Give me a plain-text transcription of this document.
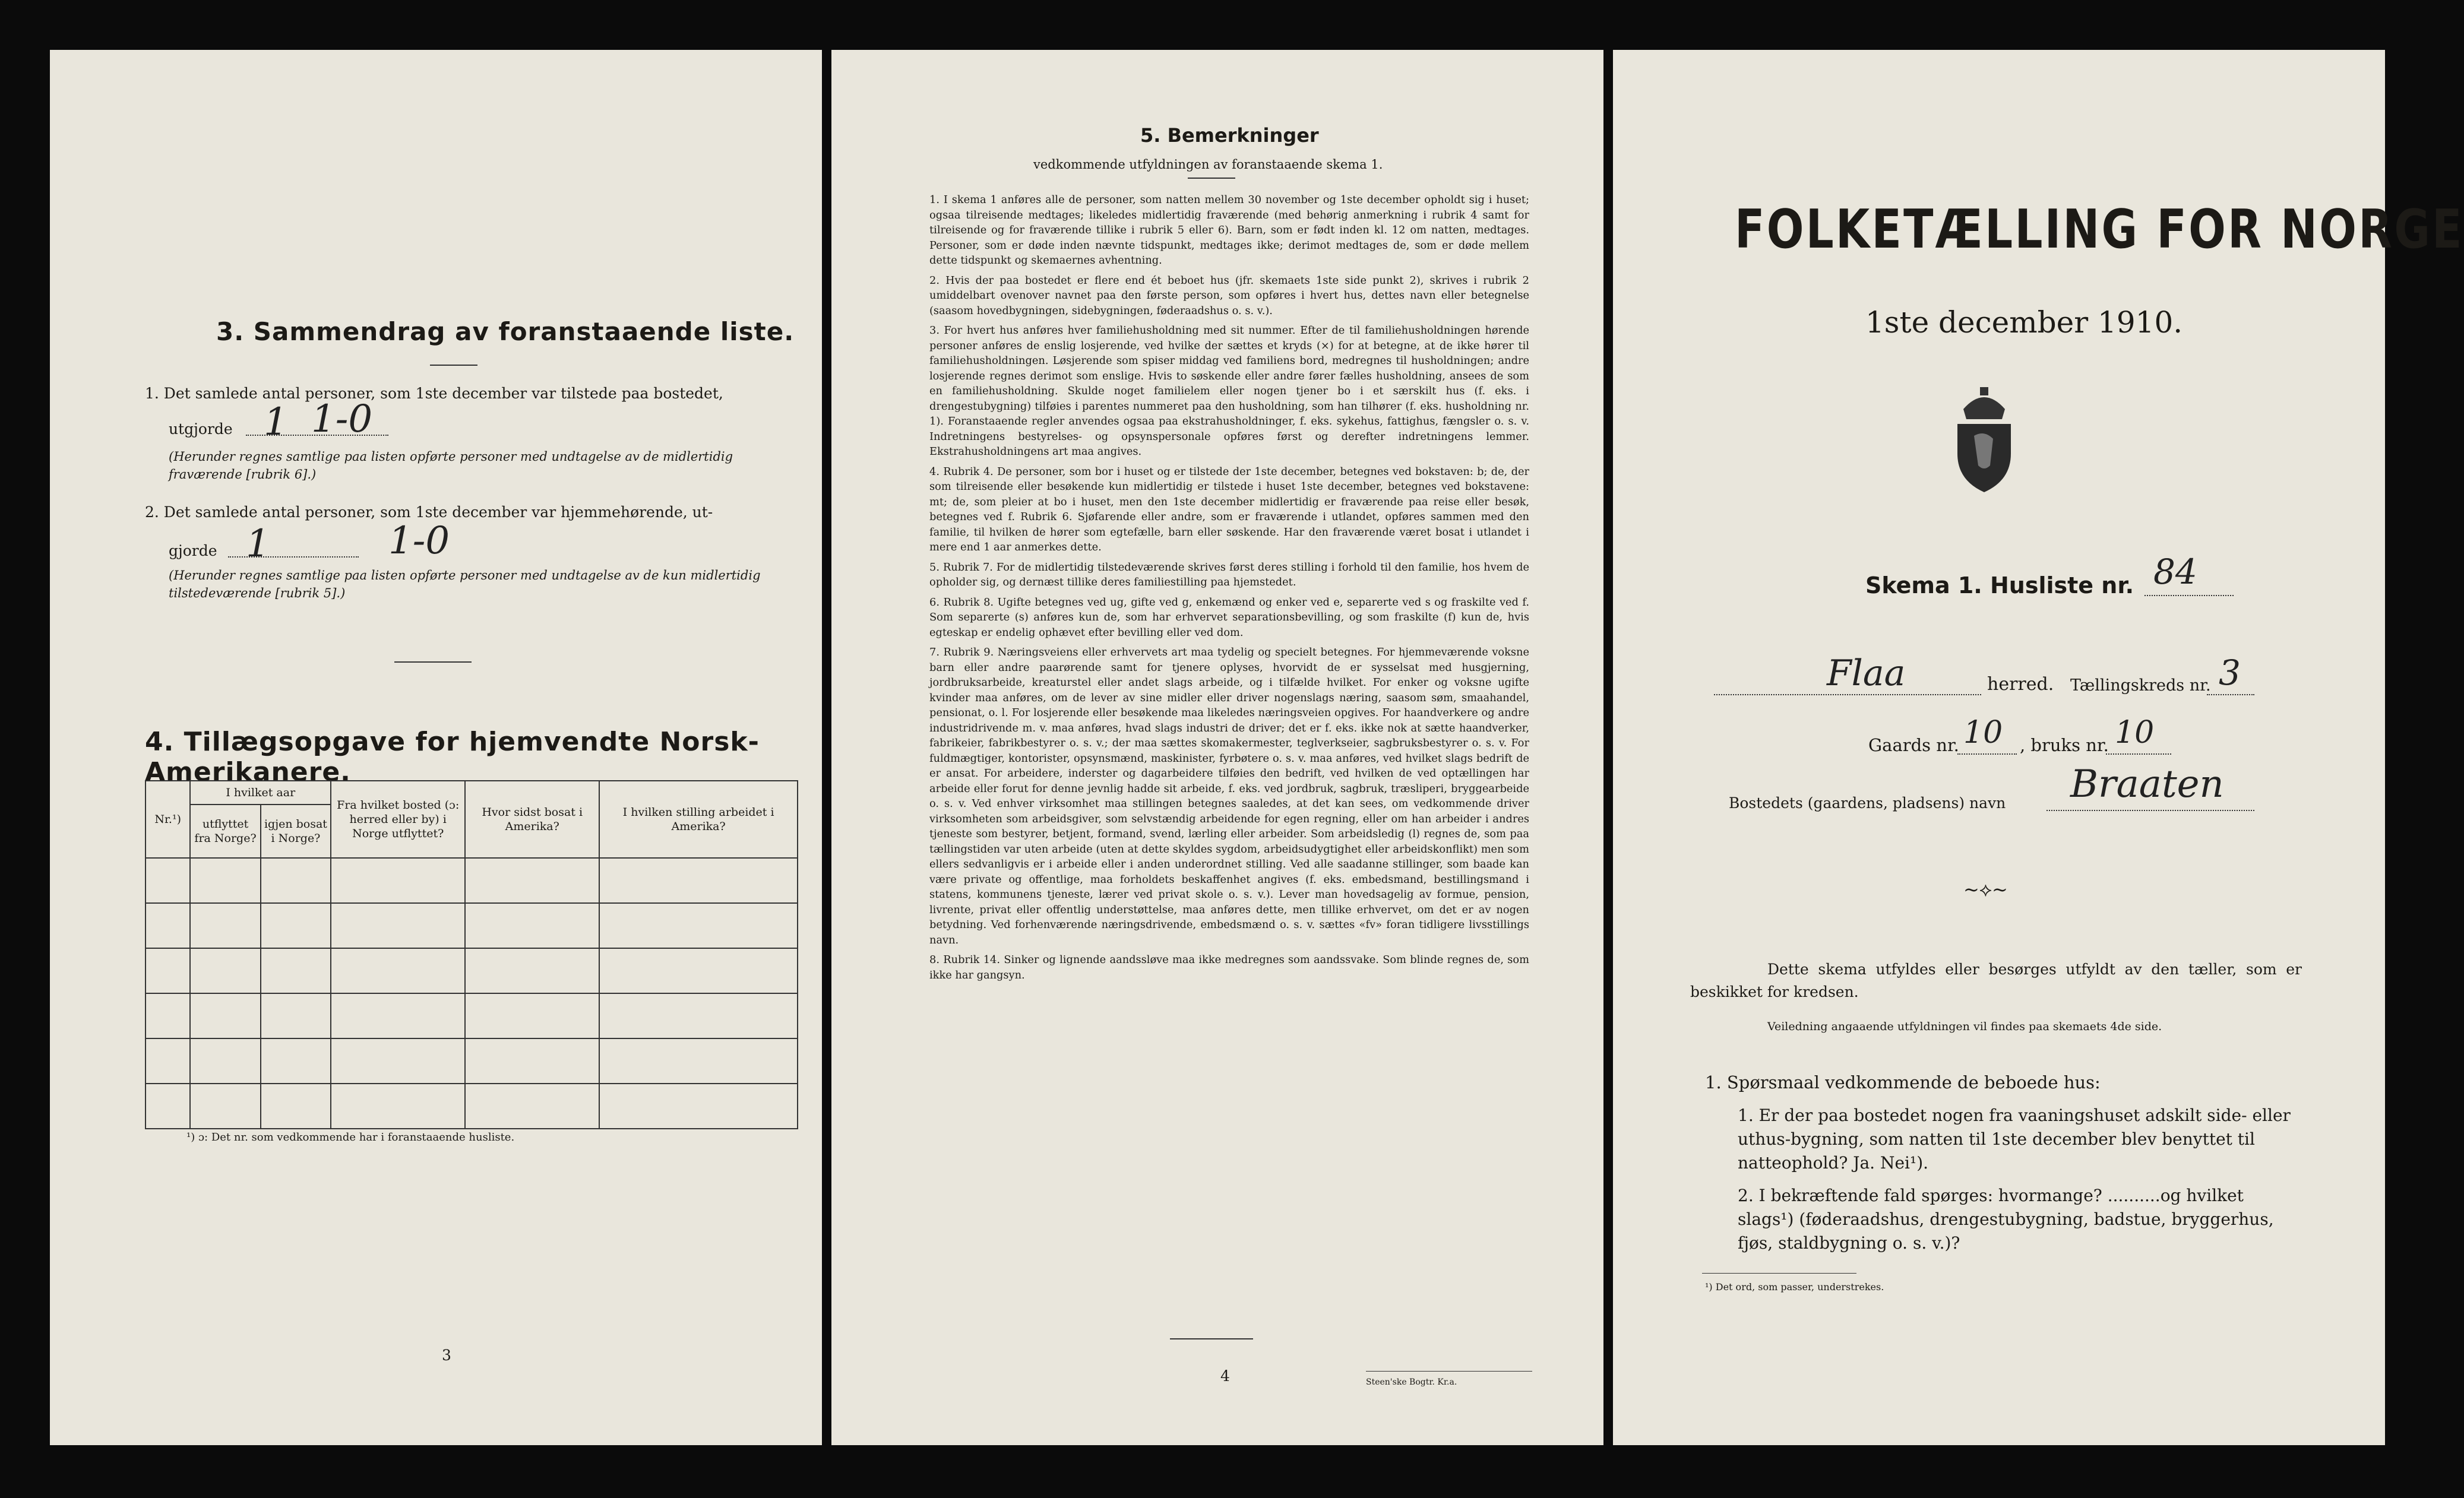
3. Sammendrag av foranstaaende liste.
1. Det samlede antal personer, som 1ste december var tilstede paa bostedet,
utgjorde 1 1-0
(Herunder regnes samtlige paa listen opførte personer med undtagelse av de midlertidig fraværende [rubrik 6].)
2. Det samlede antal personer, som 1ste december var hjemmehørende, ut-
gjorde 1	1-0
(Herunder regnes samtlige paa listen opførte personer med undtagelse av de kun midlertidig tilstedeværende [rubrik 5].)
4. Tillægsopgave for hjemvendte Norsk-Amerikanere.
Nr.¹)	I hvilket aar		Fra hvilket bosted (ɔ: herred eller by) i Norge utflyttet?	Hvor sidst bosat i Amerika?	I hvilken stilling arbeidet i Amerika?
	utflyttet fra Norge?	igjen bosat i Norge?			

¹) ɔ: Det nr. som vedkommende har i foranstaaende husliste.
3
5. Bemerkninger
vedkommende utfyldningen av foranstaaende skema 1.

1. I skema 1 anføres alle de personer, som natten mellem 30 november og 1ste december opholdt sig i huset; ogsaa tilreisende medtages; likeledes midlertidig fraværende (med behørig anmerkning i rubrik 4 samt for tilreisende og for fraværende tillike i rubrik 5 eller 6). Barn, som er født inden kl. 12 om natten, medtages. Personer, som er døde inden nævnte tidspunkt, medtages ikke; derimot medtages de, som er døde mellem dette tidspunkt og skemaernes avhentning.

2. Hvis der paa bostedet er flere end ét beboet hus (jfr. skemaets 1ste side punkt 2), skrives i rubrik 2 umiddelbart ovenover navnet paa den første person, som opføres i hvert hus, dettes navn eller betegnelse (saasom hovedbygningen, sidebygningen, føderaadshus o. s. v.).

3. For hvert hus anføres hver familiehusholdning med sit nummer. Efter de til familiehusholdningen hørende personer anføres de enslig losjerende, ved hvilke der sættes et kryds (×) for at betegne, at de ikke hører til familiehusholdningen. Løsjerende som spiser middag ved familiens bord, medregnes til husholdningen; andre losjerende regnes derimot som enslige. Hvis to søskende eller andre fører fælles husholdning, ansees de som en familiehusholdning. Skulde noget familielem eller nogen tjener bo i et særskilt hus (f. eks. i drengestubygning) tilføies i parentes nummeret paa den husholdning, som han tilhører (f. eks. husholdning nr. 1). Foranstaaende regler anvendes ogsaa paa ekstrahusholdninger, f. eks. sykehus, fattighus, fængsler o. s. v. Indretningens bestyrelses- og opsynspersonale opføres først og derefter indretningens lemmer. Ekstrahusholdningens art maa angives.

4. Rubrik 4. De personer, som bor i huset og er tilstede der 1ste december, betegnes ved bokstaven: b; de, der som tilreisende eller besøkende kun midlertidig er tilstede i huset 1ste december, betegnes ved bokstavene: mt; de, som pleier at bo i huset, men den 1ste december midlertidig er fraværende paa reise eller besøk, betegnes ved f. Rubrik 6. Sjøfarende eller andre, som er fraværende i utlandet, opføres sammen med den familie, til hvilken de hører som egtefælle, barn eller søskende. Har den fraværende været bosat i utlandet i mere end 1 aar anmerkes dette.

5. Rubrik 7. For de midlertidig tilstedeværende skrives først deres stilling i forhold til den familie, hos hvem de opholder sig, og dernæst tillike deres familiestilling paa hjemstedet.

6. Rubrik 8. Ugifte betegnes ved ug, gifte ved g, enkemænd og enker ved e, separerte ved s og fraskilte ved f. Som separerte (s) anføres kun de, som har erhvervet separationsbevilling, og som fraskilte (f) kun de, hvis egteskap er endelig ophævet efter bevilling eller ved dom.

7. Rubrik 9. Næringsveiens eller erhvervets art maa tydelig og specielt betegnes. For hjemmeværende voksne barn eller andre paarørende samt for tjenere oplyses, hvorvidt de er sysselsat med husgjerning, jordbruksarbeide, kreaturstel eller andet slags arbeide, og i tilfælde hvilket. For enker og voksne ugifte kvinder maa anføres, om de lever av sine midler eller driver nogenslags næring, saasom søm, smaahandel, pensionat, o. l. For losjerende eller besøkende maa likeledes næringsveien opgives. For haandverkere og andre industridrivende m. v. maa anføres, hvad slags industri de driver; det er f. eks. ikke nok at sætte haandverker, fabrikeier, fabrikbestyrer o. s. v.; der maa sættes skomakermester, teglverkseier, sagbruksbestyrer o. s. v. For fuldmægtiger, kontorister, opsynsmænd, maskinister, fyrbøtere o. s. v. maa anføres, ved hvilket slags bedrift de er ansat. For arbeidere, inderster og dagarbeidere tilføies den bedrift, ved hvilken de ved optællingen har arbeide eller forut for denne jevnlig hadde sit arbeide, f. eks. ved jordbruk, sagbruk, træsliperi, bryggearbeide o. s. v. Ved enhver virksomhet maa stillingen betegnes saaledes, at det kan sees, om vedkommende driver virksomheten som arbeidsgiver, som selvstændig arbeidende for egen regning, eller om han arbeider i andres tjeneste som bestyrer, betjent, formand, svend, lærling eller arbeider. Som arbeidsledig (l) regnes de, som paa tællingstiden var uten arbeide (uten at dette skyldes sygdom, arbeidsudygtighet eller arbeidskonflikt) men som ellers sedvanligvis er i arbeide eller i anden underordnet stilling. Ved alle saadanne stillinger, som baade kan være private og offentlige, maa forholdets beskaffenhet angives (f. eks. embedsmand, bestillingsmand i statens, kommunens tjeneste, lærer ved privat skole o. s. v.). Lever man hovedsagelig av formue, pension, livrente, privat eller offentlig understøttelse, maa anføres dette, men tillike erhvervet, om det er av nogen betydning. Ved forhenværende næringsdrivende, embedsmænd o. s. v. sættes «fv» foran tidligere livsstillings navn.

8. Rubrik 14. Sinker og lignende aandssløve maa ikke medregnes som aandssvake. Som blinde regnes de, som ikke har gangsyn.

4	Steen'ske Bogtr. Kr.a.
FOLKETÆLLING FOR NORGE
1ste december 1910.
Skema 1. Husliste nr. 84
Flaa	herred. Tællingskreds nr. 3
Gaards nr. 10 , bruks nr. 10
Bostedets (gaardens, pladsens) navn Braaten
~⟡~
Dette skema utfyldes eller besørges utfyldt av den tæller, som er beskikket for kredsen.
Veiledning angaaende utfyldningen vil findes paa skemaets 4de side.
1. Spørsmaal vedkommende de beboede hus:
1. Er der paa bostedet nogen fra vaaningshuset adskilt side- eller uthus-bygning, som natten til 1ste december blev benyttet til natteophold? Ja. Nei¹).
2. I bekræftende fald spørges: hvormange? ..........og hvilket slags¹) (føderaadshus, drengestubygning, badstue, bryggerhus, fjøs, staldbygning o. s. v.)?
¹) Det ord, som passer, understrekes.
